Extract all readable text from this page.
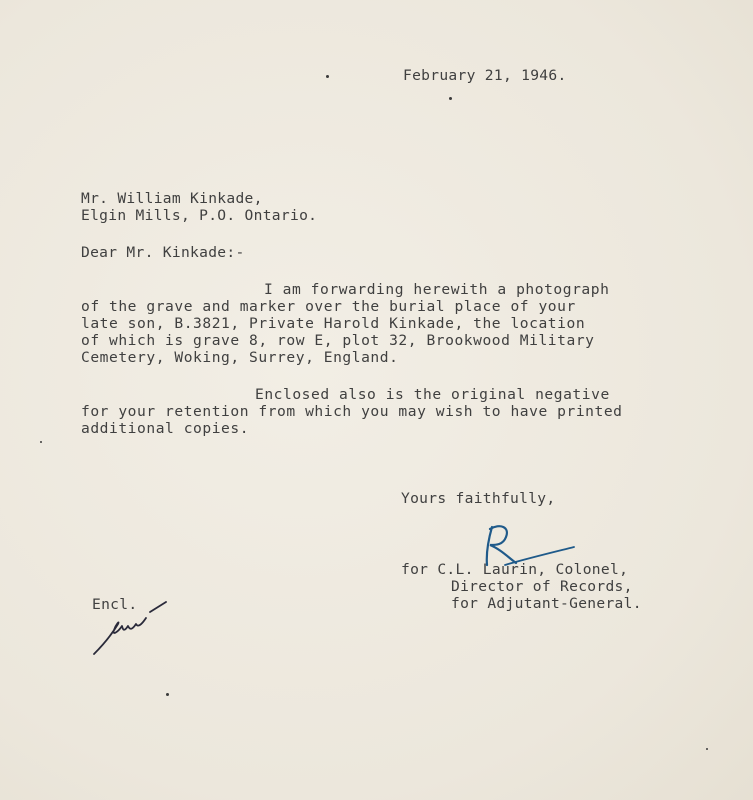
February 21, 1946.
Mr. William Kinkade,
Elgin Mills, P.O. Ontario.
Dear Mr. Kinkade:-
I am forwarding herewith a photograph
of the grave and marker over the burial place of your
late son, B.3821, Private Harold Kinkade, the location
of which is grave 8, row E, plot 32, Brookwood Military
Cemetery, Woking, Surrey, England.
Enclosed also is the original negative
for your retention from which you may wish to have printed
additional copies.
Yours faithfully,
for C.L. Laurin, Colonel,
Director of Records,
for Adjutant-General.
Encl.
